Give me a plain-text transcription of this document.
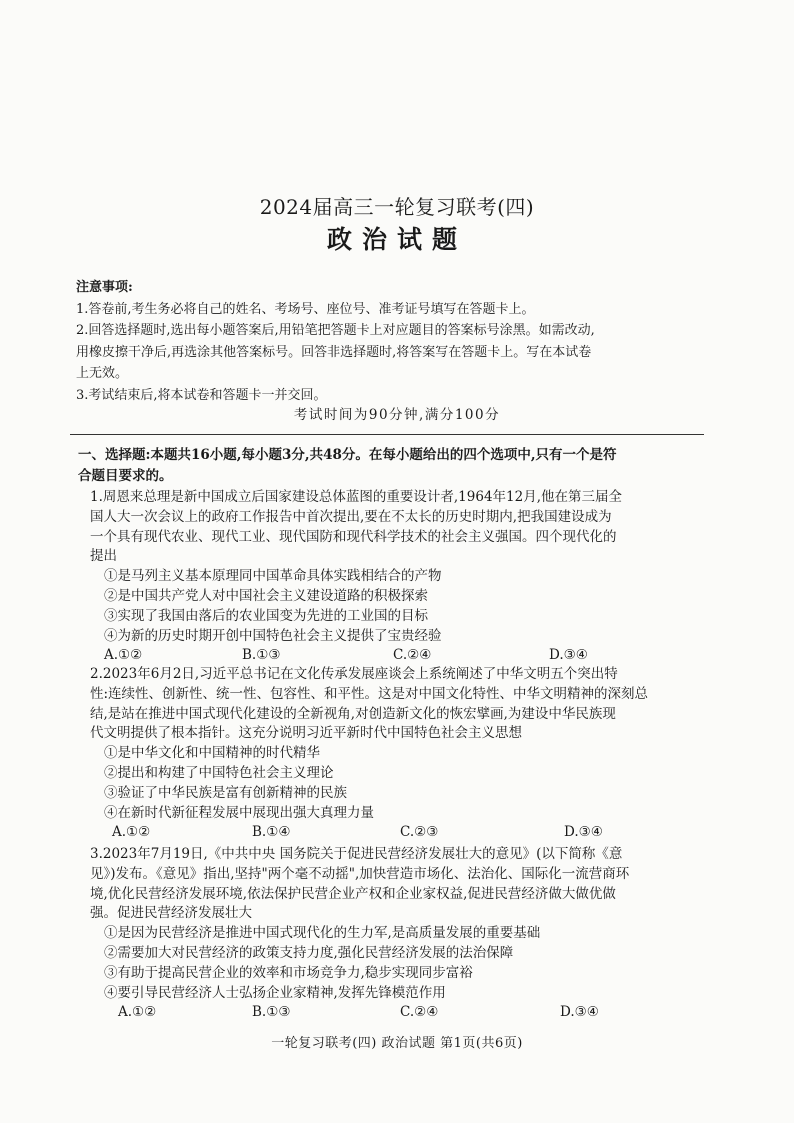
2024届高三一轮复习联考(四)
政治试题
注意事项:
1.答卷前,考生务必将自己的姓名、考场号、座位号、准考证号填写在答题卡上。
2.回答选择题时,选出每小题答案后,用铅笔把答题卡上对应题目的答案标号涂黑。如需改动,
用橡皮擦干净后,再选涂其他答案标号。回答非选择题时,将答案写在答题卡上。写在本试卷
上无效。
3.考试结束后,将本试卷和答题卡一并交回。
考试时间为90分钟,满分100分
一、选择题:本题共16小题,每小题3分,共48分。在每小题给出的四个选项中,只有一个是符
合题目要求的。

1.周恩来总理是新中国成立后国家建设总体蓝图的重要设计者,1964年12月,他在第三届全

国人大一次会议上的政府工作报告中首次提出,要在不太长的历史时期内,把我国建设成为

一个具有现代农业、现代工业、现代国防和现代科学技术的社会主义强国。四个现代化的

提出

①是马列主义基本原理同中国革命具体实践相结合的产物

②是中国共产党人对中国社会主义建设道路的积极探索

③实现了我国由落后的农业国变为先进的工业国的目标

④为新的历史时期开创中国特色社会主义提供了宝贵经验

A.①②	B.①③	C.②④	D.③④

2.2023年6月2日,习近平总书记在文化传承发展座谈会上系统阐述了中华文明五个突出特

性:连续性、创新性、统一性、包容性、和平性。这是对中国文化特性、中华文明精神的深刻总

结,是站在推进中国式现代化建设的全新视角,对创造新文化的恢宏擘画,为建设中华民族现

代文明提供了根本指针。这充分说明习近平新时代中国特色社会主义思想

①是中华文化和中国精神的时代精华

②提出和构建了中国特色社会主义理论

③验证了中华民族是富有创新精神的民族

④在新时代新征程发展中展现出强大真理力量

A.①②	B.①④	C.②③	D.③④

3.2023年7月19日,《中共中央 国务院关于促进民营经济发展壮大的意见》(以下简称《意

见》)发布。《意见》指出,坚持"两个毫不动摇",加快营造市场化、法治化、国际化一流营商环

境,优化民营经济发展环境,依法保护民营企业产权和企业家权益,促进民营经济做大做优做

强。促进民营经济发展壮大

①是因为民营经济是推进中国式现代化的生力军,是高质量发展的重要基础

②需要加大对民营经济的政策支持力度,强化民营经济发展的法治保障

③有助于提高民营企业的效率和市场竞争力,稳步实现同步富裕

④要引导民营经济人士弘扬企业家精神,发挥先锋模范作用

A.①②	B.①③	C.②④	D.③④
一轮复习联考(四) 政治试题 第1页(共6页)
